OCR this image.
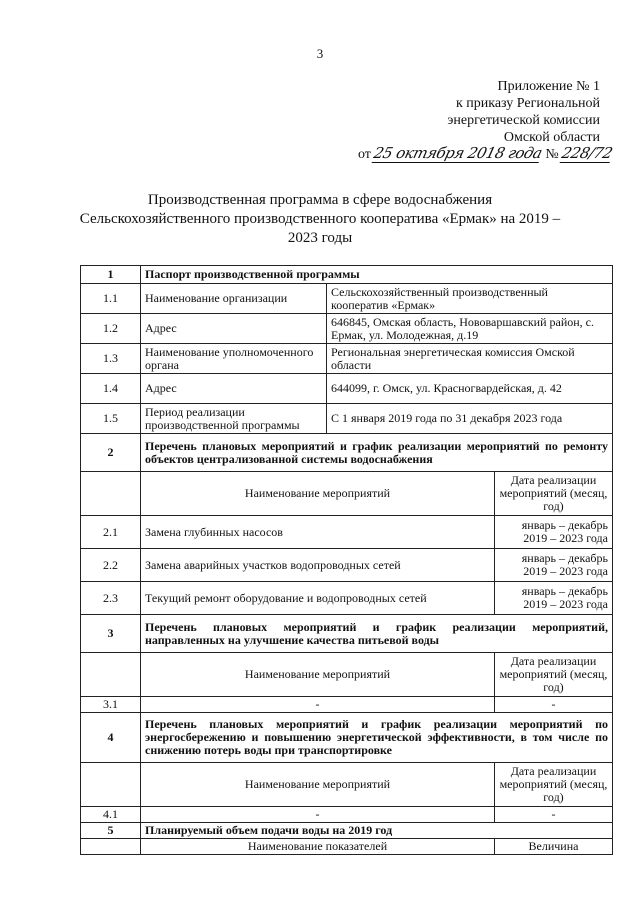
3
Приложение № 1
к приказу Региональной
энергетической комиссии
Омской области
от 25 октября 2018 года № 228/72
Производственная программа в сфере водоснабжения
Сельскохозяйственного производственного кооператива «Ермак» на 2019 –
2023 годы
1	Паспорт производственной программы		
1.1	Наименование организации	Сельскохозяйственный производственный кооператив «Ермак»	
1.2	Адрес	646845, Омская область, Нововаршавский район, с. Ермак, ул. Молодежная, д.19	
1.3	Наименование уполномоченного органа	Региональная энергетическая комиссия Омской области	
1.4	Адрес	644099, г. Омск, ул. Красногвардейская, д. 42	
1.5	Период реализации производственной программы	С 1 января 2019 года по 31 декабря 2023 года	
2	Перечень плановых мероприятий и график реализации мероприятий по ремонту объектов централизованной системы водоснабжения		
	Наименование мероприятий		Дата реализации мероприятий (месяц, год)
2.1	Замена глубинных насосов		январь – декабрь 2019 – 2023 года
2.2	Замена аварийных участков водопроводных сетей		январь – декабрь 2019 – 2023 года
2.3	Текущий ремонт оборудование и водопроводных сетей		январь – декабрь 2019 – 2023 года
3	Перечень плановых мероприятий и график реализации мероприятий, направленных на улучшение качества питьевой воды		
	Наименование мероприятий		Дата реализации мероприятий (месяц, год)
3.1	-		-
4	Перечень плановых мероприятий и график реализации мероприятий по энергосбережению и повышению энергетической эффективности, в том числе по снижению потерь воды при транспортировке		
	Наименование мероприятий		Дата реализации мероприятий (месяц, год)
4.1	-		-
5	Планируемый объем подачи воды на 2019 год		
	Наименование показателей		Величина
